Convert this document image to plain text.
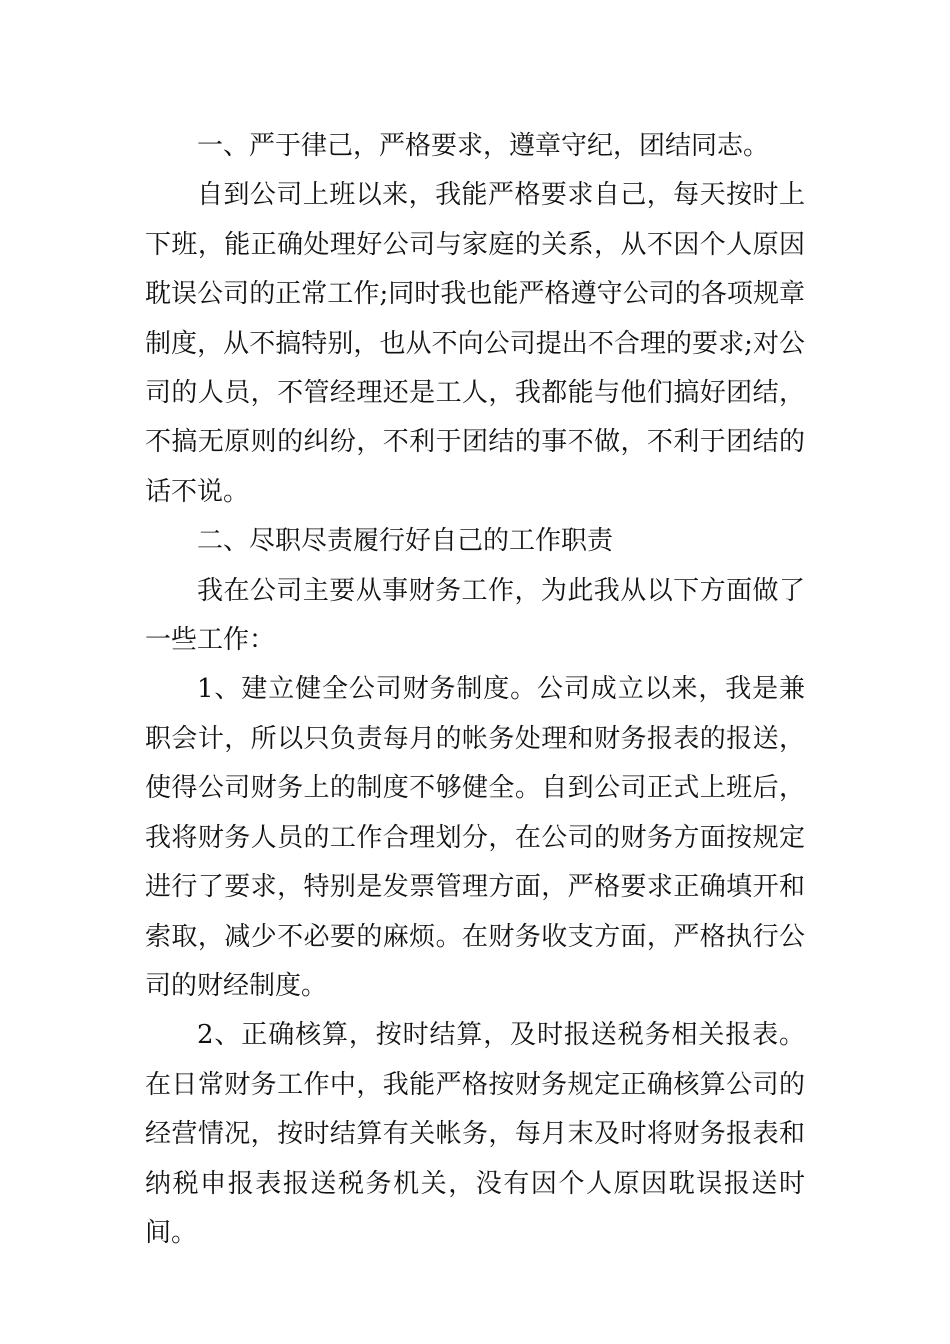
一、严于律己，严格要求，遵章守纪，团结同志。

自到公司上班以来，我能严格要求自己，每天按时上下班，能正确处理好公司与家庭的关系，从不因个人原因耽误公司的正常工作;同时我也能严格遵守公司的各项规章制度，从不搞特别，也从不向公司提出不合理的要求;对公司的人员，不管经理还是工人，我都能与他们搞好团结，不搞无原则的纠纷，不利于团结的事不做，不利于团结的话不说。

二、尽职尽责履行好自己的工作职责

我在公司主要从事财务工作，为此我从以下方面做了一些工作：

1、建立健全公司财务制度。公司成立以来，我是兼职会计，所以只负责每月的帐务处理和财务报表的报送，使得公司财务上的制度不够健全。自到公司正式上班后，我将财务人员的工作合理划分，在公司的财务方面按规定进行了要求，特别是发票管理方面，严格要求正确填开和索取，减少不必要的麻烦。在财务收支方面，严格执行公司的财经制度。

2、正确核算，按时结算，及时报送税务相关报表。在日常财务工作中，我能严格按财务规定正确核算公司的经营情况，按时结算有关帐务，每月末及时将财务报表和纳税申报表报送税务机关，没有因个人原因耽误报送时间。
